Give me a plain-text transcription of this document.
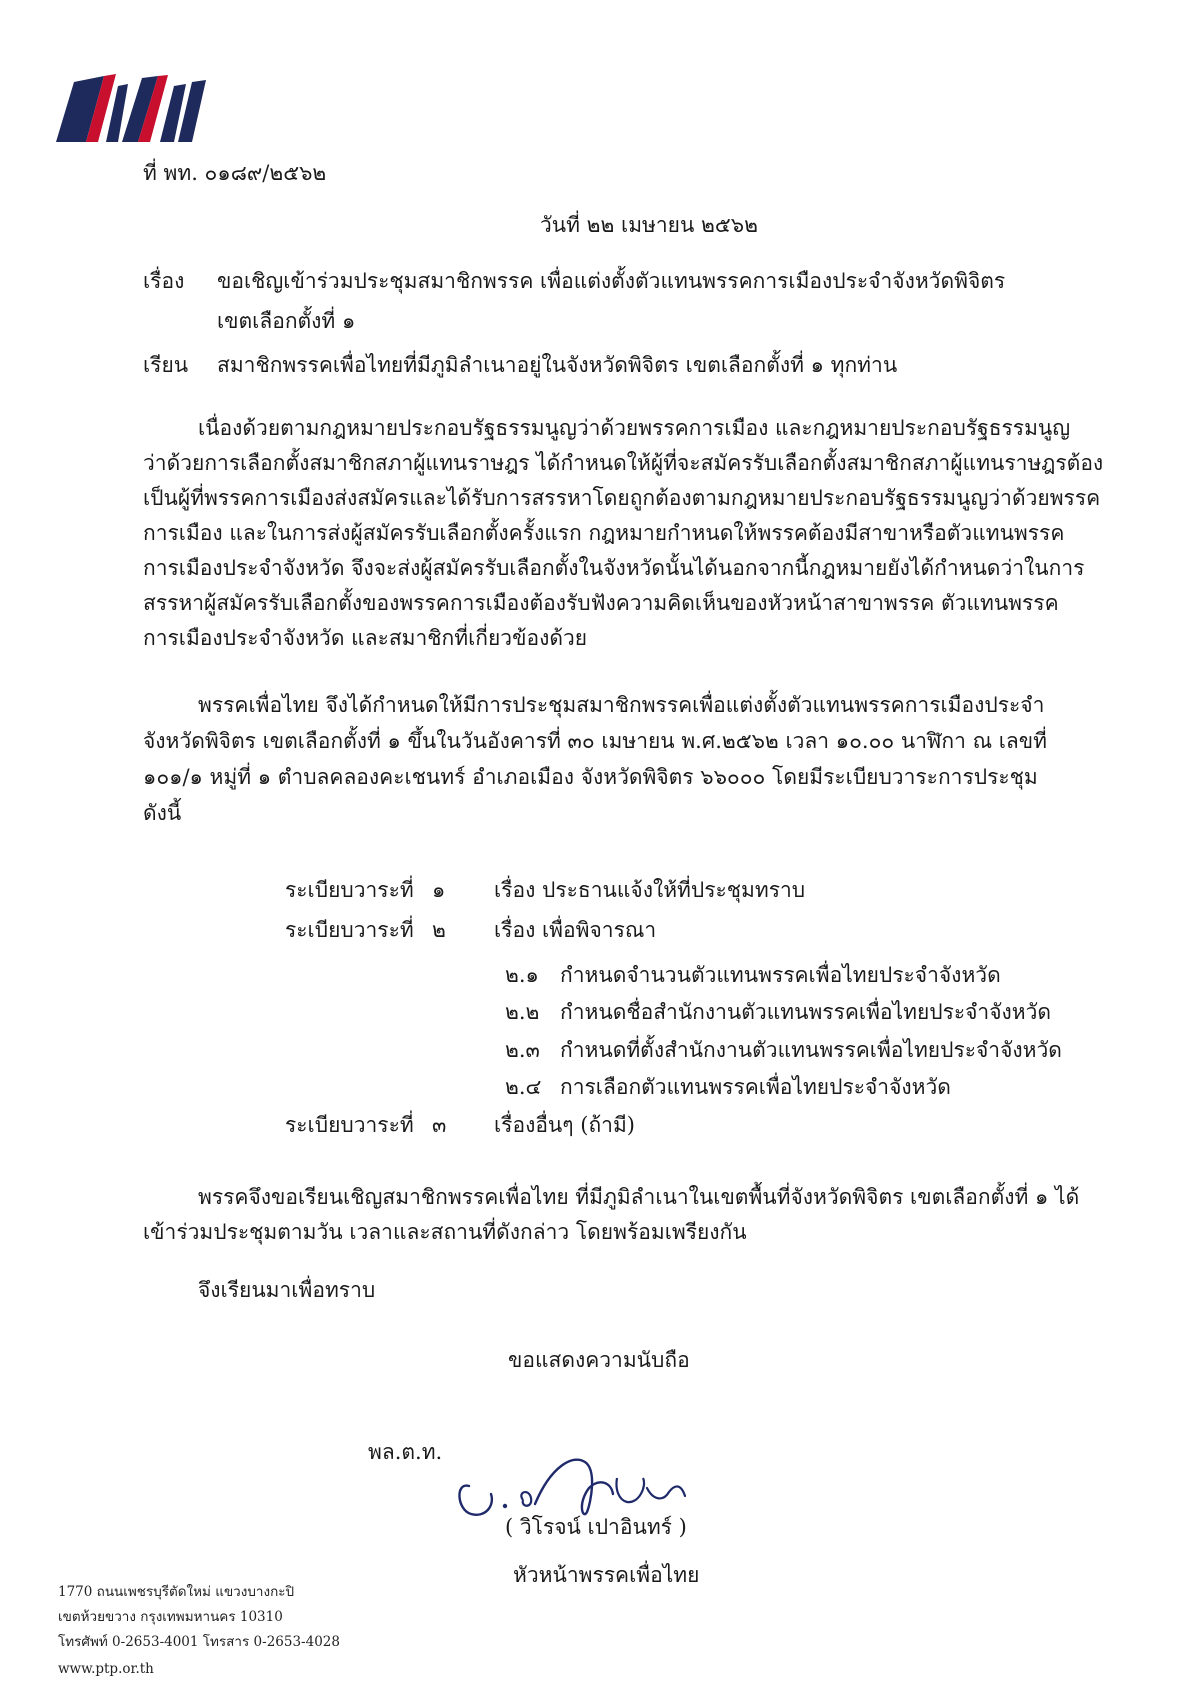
ที่ พท. ๐๑๘๙/๒๕๖๒
วันที่ ๒๒ เมษายน ๒๕๖๒
เรื่อง ขอเชิญเข้าร่วมประชุมสมาชิกพรรค เพื่อแต่งตั้งตัวแทนพรรคการเมืองประจำจังหวัดพิจิตร
เขตเลือกตั้งที่ ๑
เรียน สมาชิกพรรคเพื่อไทยที่มีภูมิลำเนาอยู่ในจังหวัดพิจิตร เขตเลือกตั้งที่ ๑ ทุกท่าน
เนื่องด้วยตามกฎหมายประกอบรัฐธรรมนูญว่าด้วยพรรคการเมือง และกฎหมายประกอบรัฐธรรมนูญ
ว่าด้วยการเลือกตั้งสมาชิกสภาผู้แทนราษฎร ได้กำหนดให้ผู้ที่จะสมัครรับเลือกตั้งสมาชิกสภาผู้แทนราษฎรต้อง
เป็นผู้ที่พรรคการเมืองส่งสมัครและได้รับการสรรหาโดยถูกต้องตามกฎหมายประกอบรัฐธรรมนูญว่าด้วยพรรค
การเมือง และในการส่งผู้สมัครรับเลือกตั้งครั้งแรก กฎหมายกำหนดให้พรรคต้องมีสาขาหรือตัวแทนพรรค
การเมืองประจำจังหวัด จึงจะส่งผู้สมัครรับเลือกตั้งในจังหวัดนั้นได้นอกจากนี้กฎหมายยังได้กำหนดว่าในการ
สรรหาผู้สมัครรับเลือกตั้งของพรรคการเมืองต้องรับฟังความคิดเห็นของหัวหน้าสาขาพรรค ตัวแทนพรรค
การเมืองประจำจังหวัด และสมาชิกที่เกี่ยวข้องด้วย
พรรคเพื่อไทย จึงได้กำหนดให้มีการประชุมสมาชิกพรรคเพื่อแต่งตั้งตัวแทนพรรคการเมืองประจำ
จังหวัดพิจิตร เขตเลือกตั้งที่ ๑ ขึ้นในวันอังคารที่ ๓๐ เมษายน พ.ศ.๒๕๖๒ เวลา ๑๐.๐๐ นาฬิกา ณ เลขที่
๑๐๑/๑ หมู่ที่ ๑ ตำบลคลองคะเชนทร์ อำเภอเมือง จังหวัดพิจิตร ๖๖๐๐๐ โดยมีระเบียบวาระการประชุม
ดังนี้
ระเบียบวาระที่ ๑ เรื่อง ประธานแจ้งให้ที่ประชุมทราบ
ระเบียบวาระที่ ๒ เรื่อง เพื่อพิจารณา
๒.๑ กำหนดจำนวนตัวแทนพรรคเพื่อไทยประจำจังหวัด
๒.๒ กำหนดชื่อสำนักงานตัวแทนพรรคเพื่อไทยประจำจังหวัด
๒.๓ กำหนดที่ตั้งสำนักงานตัวแทนพรรคเพื่อไทยประจำจังหวัด
๒.๔ การเลือกตัวแทนพรรคเพื่อไทยประจำจังหวัด
ระเบียบวาระที่ ๓ เรื่องอื่นๆ (ถ้ามี)
พรรคจึงขอเรียนเชิญสมาชิกพรรคเพื่อไทย ที่มีภูมิลำเนาในเขตพื้นที่จังหวัดพิจิตร เขตเลือกตั้งที่ ๑ ได้
เข้าร่วมประชุมตามวัน เวลาและสถานที่ดังกล่าว โดยพร้อมเพรียงกัน
จึงเรียนมาเพื่อทราบ
ขอแสดงความนับถือ
พล.ต.ท.
( วิโรจน์ เปาอินทร์ )
หัวหน้าพรรคเพื่อไทย
1770 ถนนเพชรบุรีตัดใหม่ แขวงบางกะปิ
เขตห้วยขวาง กรุงเทพมหานคร 10310
โทรศัพท์ 0-2653-4001 โทรสาร 0-2653-4028
www.ptp.or.th
